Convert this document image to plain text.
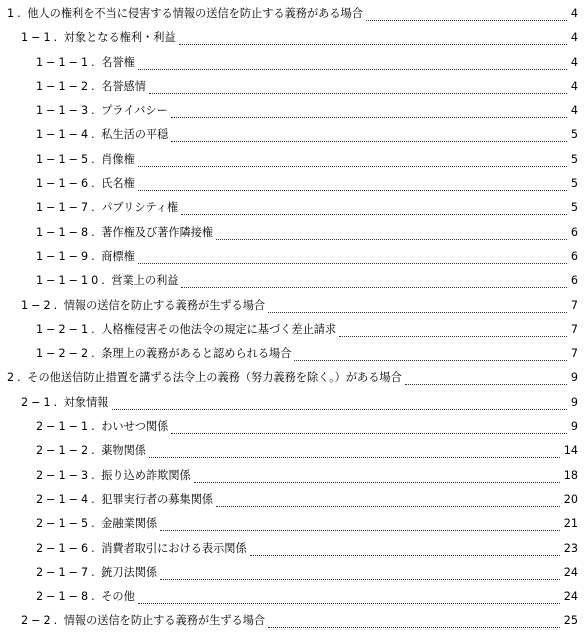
1. 他人の権利を不当に侵害する情報の送信を防止する義務がある場合	4
1−1. 対象となる権利・利益	4
1−1−1. 名誉権	4
1−1−2. 名誉感情	4
1−1−3. プライバシー	4
1−1−4. 私生活の平穏	5
1−1−5. 肖像権	5
1−1−6. 氏名権	5
1−1−7. パブリシティ権	5
1−1−8. 著作権及び著作隣接権	6
1−1−9. 商標権	6
1−1−10. 営業上の利益	6
1−2. 情報の送信を防止する義務が生ずる場合	7
1−2−1. 人格権侵害その他法令の規定に基づく差止請求	7
1−2−2. 条理上の義務があると認められる場合	7
2. その他送信防止措置を講ずる法令上の義務（努力義務を除く。）がある場合	9
2−1. 対象情報	9
2−1−1. わいせつ関係	9
2−1−2. 薬物関係	14
2−1−3. 振り込め詐欺関係	18
2−1−4. 犯罪実行者の募集関係	20
2−1−5. 金融業関係	21
2−1−6. 消費者取引における表示関係	23
2−1−7. 銃刀法関係	24
2−1−8. その他	24
2−2. 情報の送信を防止する義務が生ずる場合	25
